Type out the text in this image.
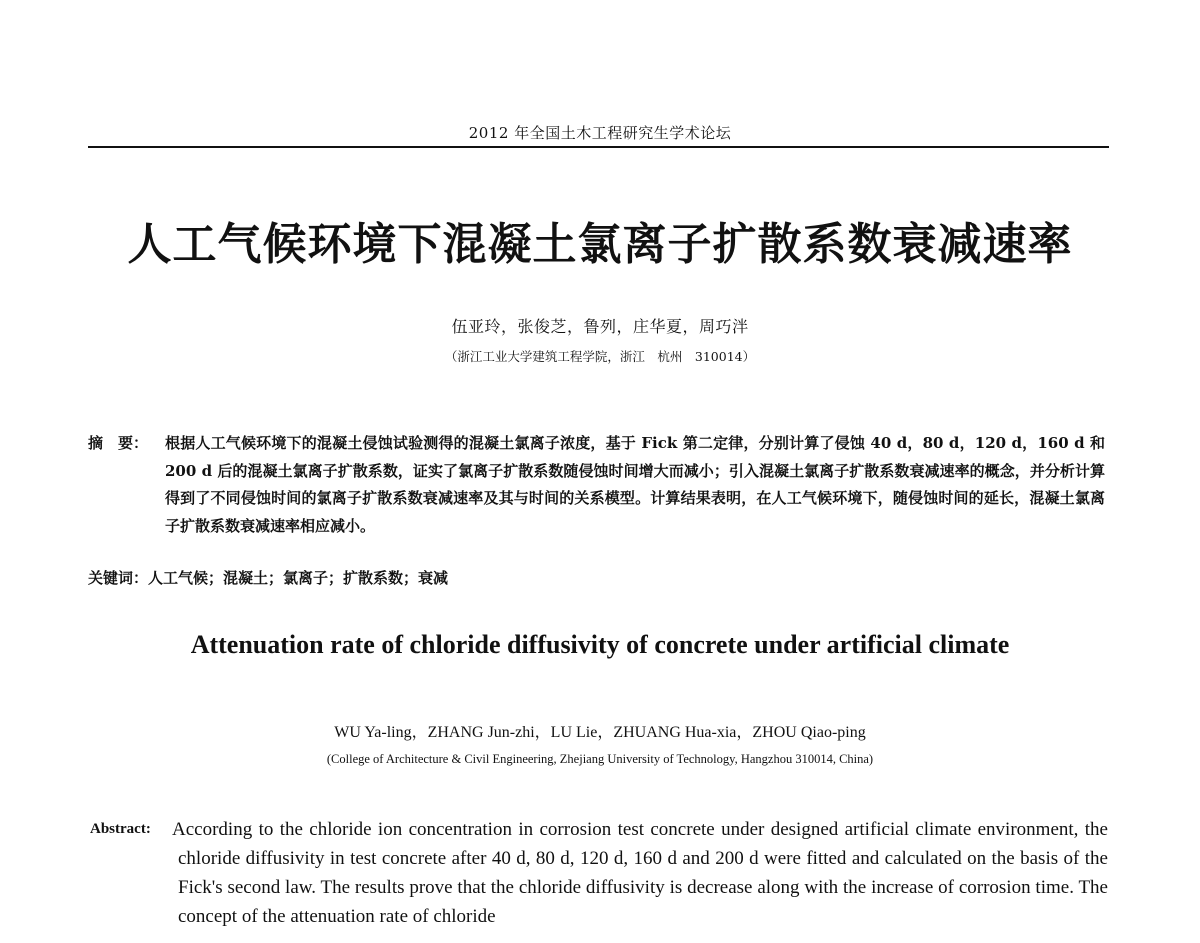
2012 年全国土木工程研究生学术论坛
人工气候环境下混凝土氯离子扩散系数衰减速率
伍亚玲，张俊芝，鲁列，庄华夏，周巧泮
（浙江工业大学建筑工程学院，浙江　杭州　310014）
摘　要： 根据人工气候环境下的混凝土侵蚀试验测得的混凝土氯离子浓度，基于 Fick 第二定律，分别计算了侵蚀 40 d，80 d，120 d，160 d 和 200 d 后的混凝土氯离子扩散系数，证实了氯离子扩散系数随侵蚀时间增大而减小；引入混凝土氯离子扩散系数衰减速率的概念，并分析计算得到了不同侵蚀时间的氯离子扩散系数衰减速率及其与时间的关系模型。计算结果表明，在人工气候环境下，随侵蚀时间的延长，混凝土氯离子扩散系数衰减速率相应减小。
关键词：人工气候；混凝土；氯离子；扩散系数；衰减
Attenuation rate of chloride diffusivity of concrete under artificial climate
WU Ya-ling，ZHANG Jun-zhi，LU Lie，ZHUANG Hua-xia，ZHOU Qiao-ping
(College of Architecture & Civil Engineering, Zhejiang University of Technology, Hangzhou 310014, China)
Abstract: According to the chloride ion concentration in corrosion test concrete under designed artificial climate environment, the chloride diffusivity in test concrete after 40 d, 80 d, 120 d, 160 d and 200 d were fitted and calculated on the basis of the Fick's second law. The results prove that the chloride diffusivity is decrease along with the increase of corrosion time. The concept of the attenuation rate of chloride
